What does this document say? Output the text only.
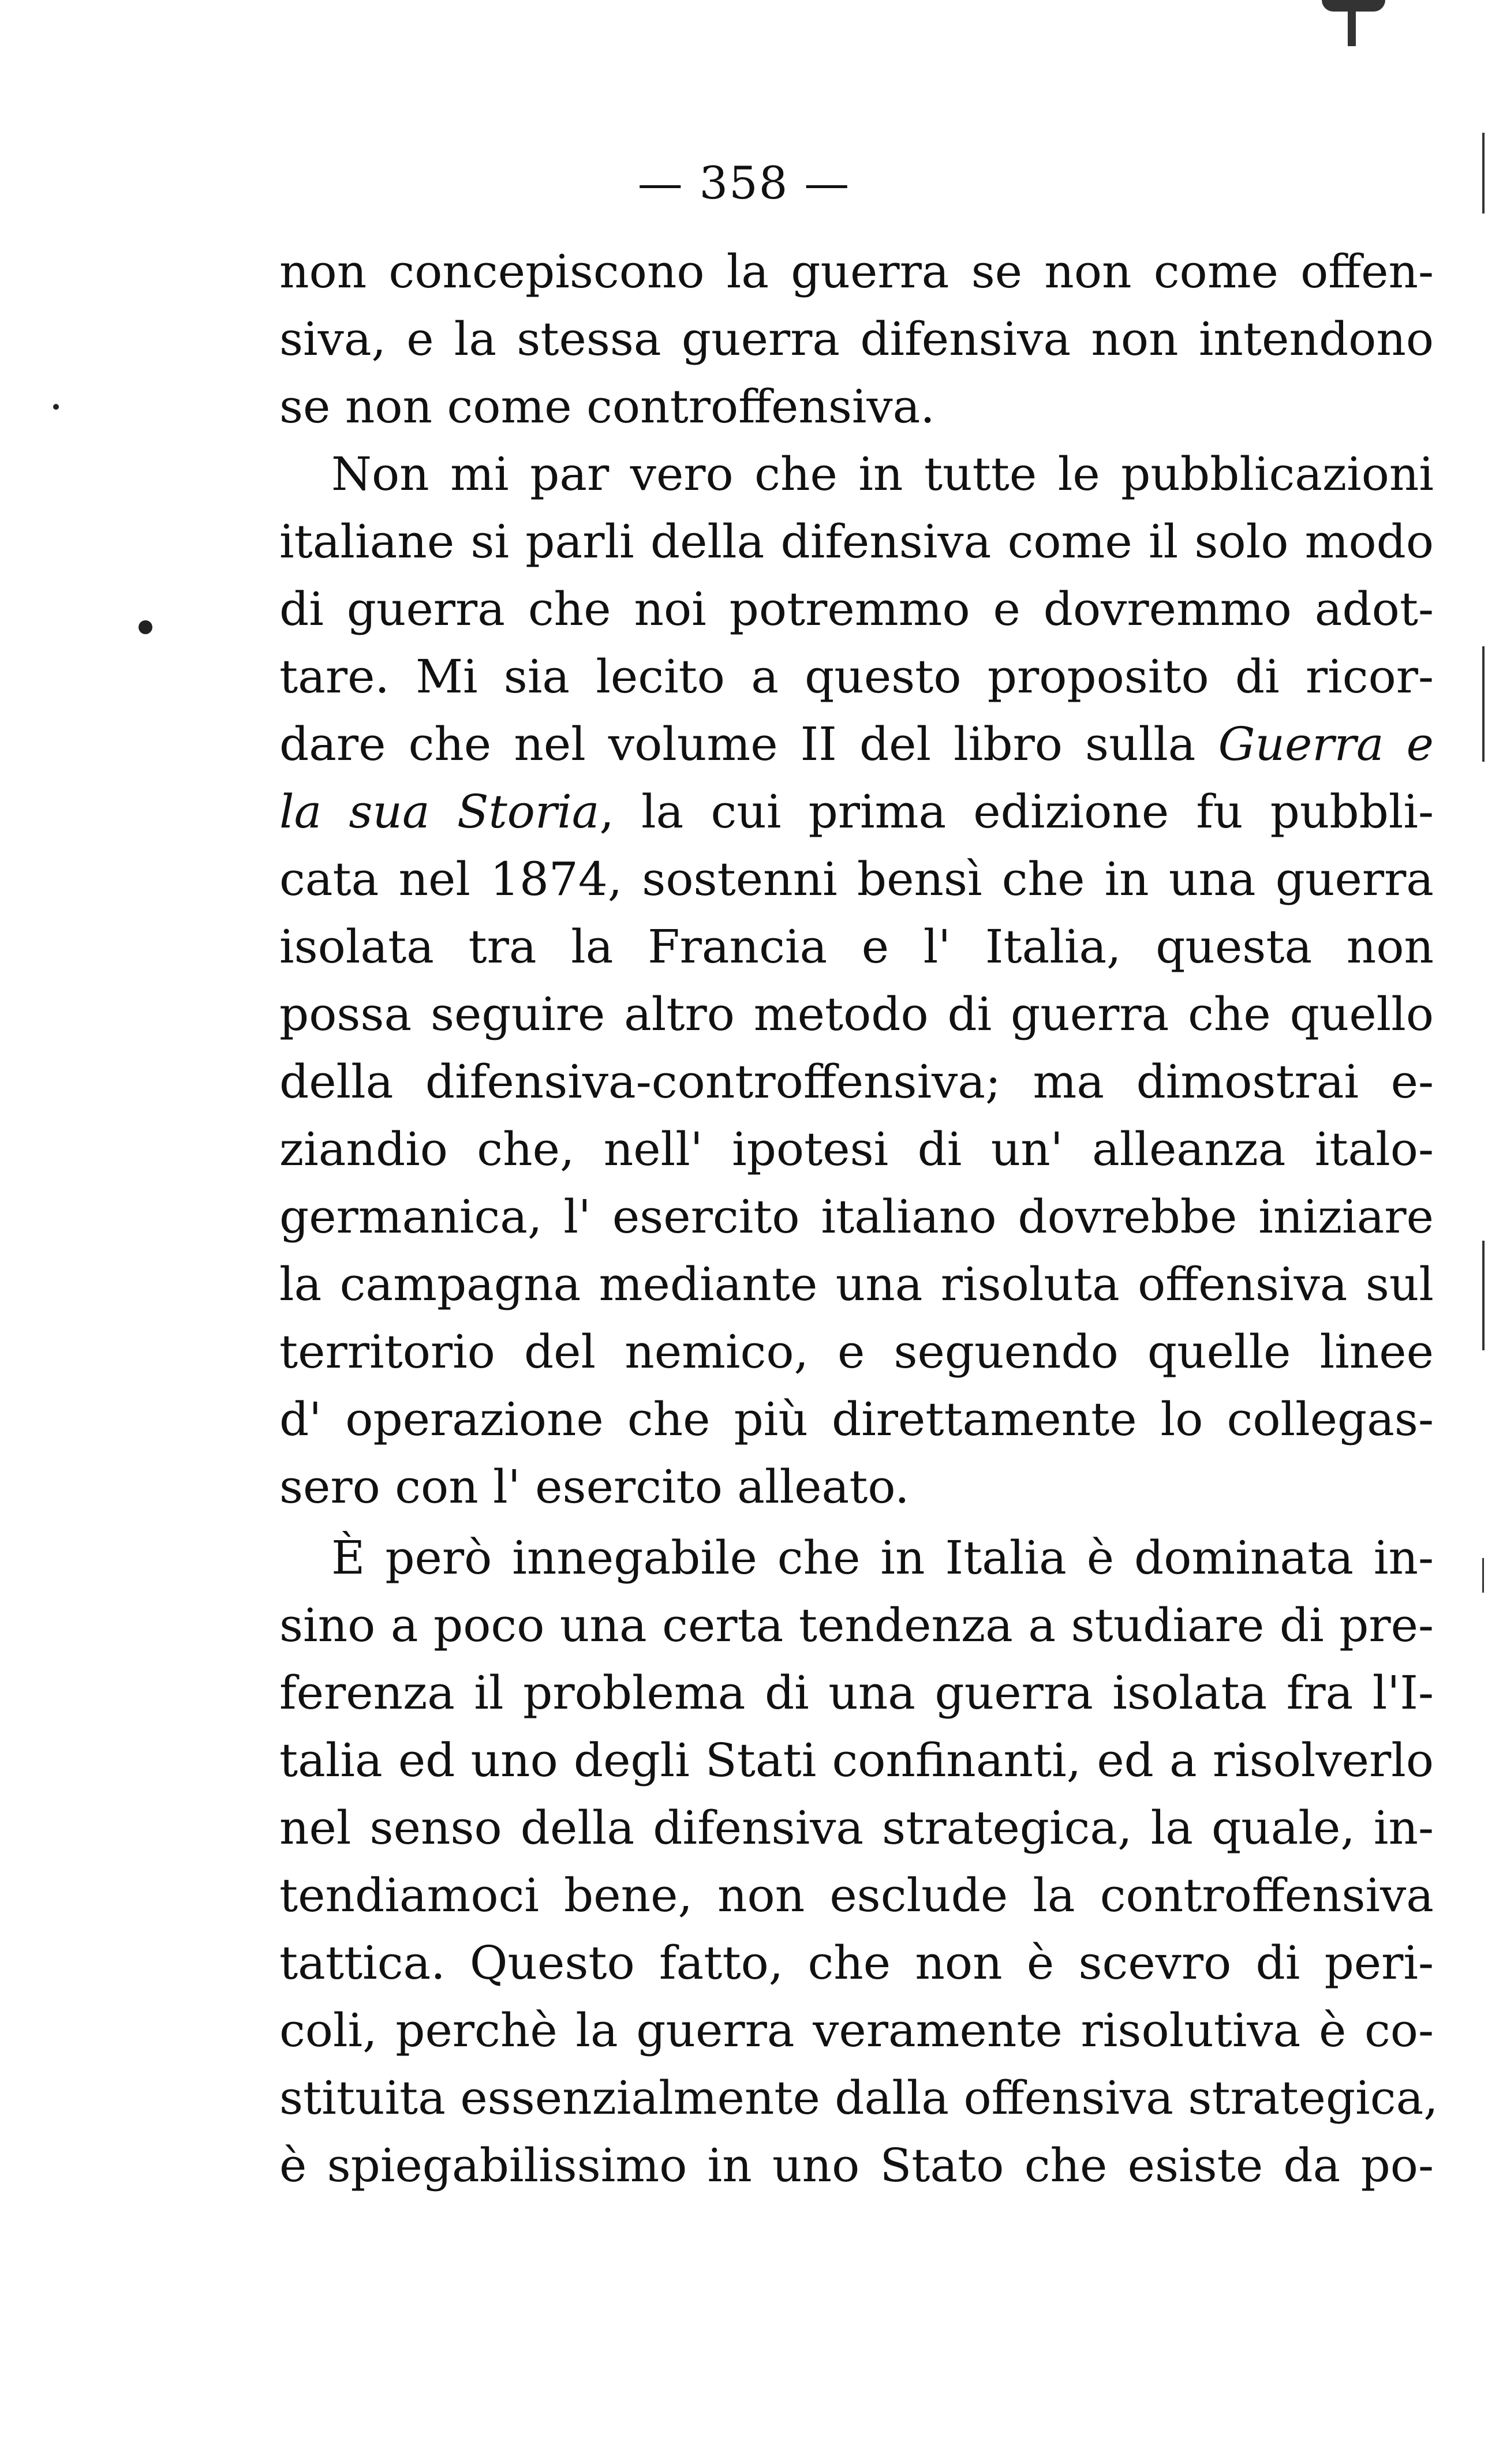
— 358 —
non concepiscono la guerra se non come offen-
siva, e la stessa guerra difensiva non intendono
se non come controffensiva.
Non mi par vero che in tutte le pubblicazioni
italiane si parli della difensiva come il solo modo
di guerra che noi potremmo e dovremmo adot-
tare. Mi sia lecito a questo proposito di ricor-
dare che nel volume II del libro sulla Guerra e
la sua Storia, la cui prima edizione fu pubbli-
cata nel 1874, sostenni bensì che in una guerra
isolata tra la Francia e l' Italia, questa non
possa seguire altro metodo di guerra che quello
della difensiva-controffensiva; ma dimostrai e-
ziandio che, nell' ipotesi di un' alleanza italo-
germanica, l' esercito italiano dovrebbe iniziare
la campagna mediante una risoluta offensiva sul
territorio del nemico, e seguendo quelle linee
d' operazione che più direttamente lo collegas-
sero con l' esercito alleato.
È però innegabile che in Italia è dominata in-
sino a poco una certa tendenza a studiare di pre-
ferenza il problema di una guerra isolata fra l'I-
talia ed uno degli Stati confinanti, ed a risolverlo
nel senso della difensiva strategica, la quale, in-
tendiamoci bene, non esclude la controffensiva
tattica. Questo fatto, che non è scevro di peri-
coli, perchè la guerra veramente risolutiva è co-
stituita essenzialmente dalla offensiva strategica,
è spiegabilissimo in uno Stato che esiste da po-
